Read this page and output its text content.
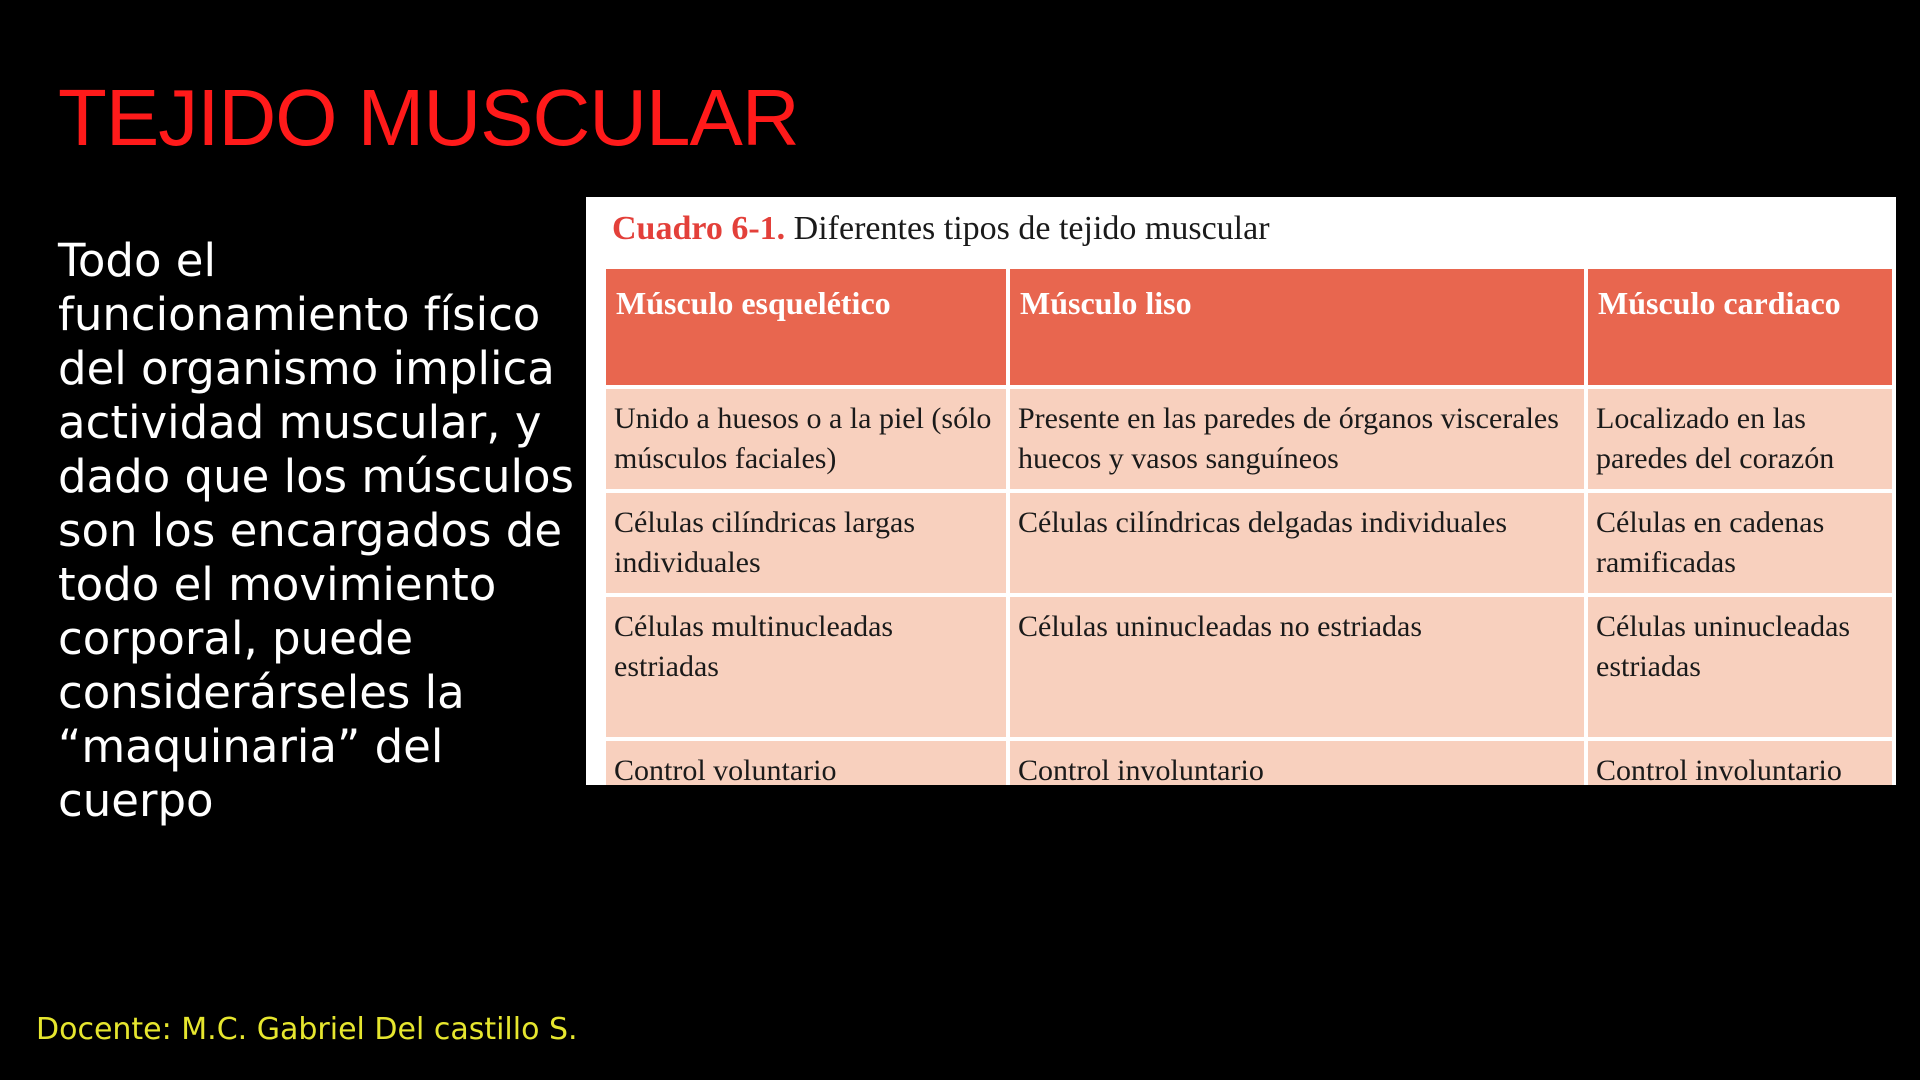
TEJIDO MUSCULAR

Todo el funcionamiento físico del organismo implica actividad muscular, y dado que los músculos son los encargados de todo el movimiento corporal, puede considerárseles la “maquinaria” del cuerpo

Cuadro 6-1. Diferentes tipos de tejido muscular
Músculo esquelético	Músculo liso	Músculo cardiaco
Unido a huesos o a la piel (sólo músculos faciales)	Presente en las paredes de órganos viscerales huecos y vasos sanguíneos	Localizado en las paredes del corazón
Células cilíndricas largas individuales	Células cilíndricas delgadas individuales	Células en cadenas ramificadas
Células multinucleadas estriadas	Células uninucleadas no estriadas	Células uninucleadas estriadas
Control voluntario	Control involuntario	Control involuntario
Docente: M.C. Gabriel Del castillo S.
